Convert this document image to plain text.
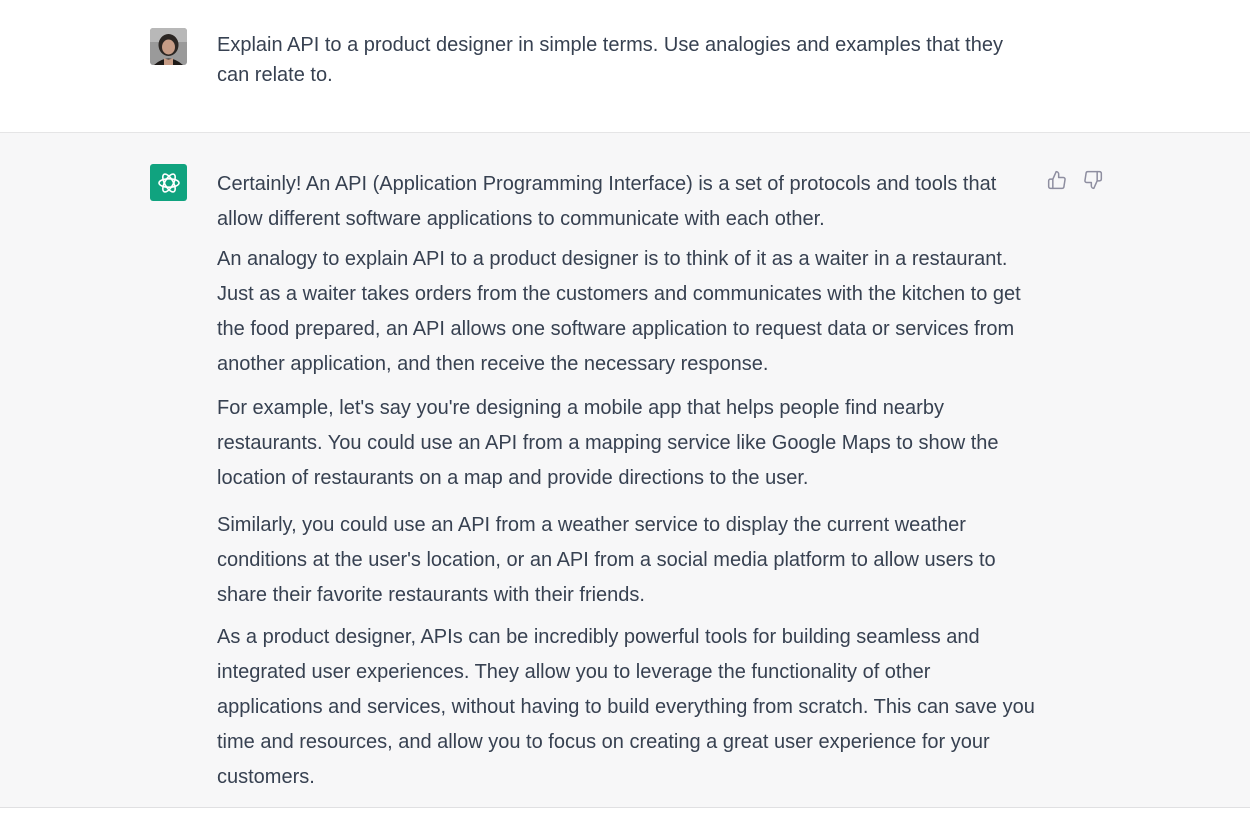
Explain API to a product designer in simple terms. Use analogies and examples that they can relate to.

Certainly! An API (Application Programming Interface) is a set of protocols and tools that allow different software applications to communicate with each other.

An analogy to explain API to a product designer is to think of it as a waiter in a restaurant. Just as a waiter takes orders from the customers and communicates with the kitchen to get the food prepared, an API allows one software application to request data or services from another application, and then receive the necessary response.

For example, let's say you're designing a mobile app that helps people find nearby restaurants. You could use an API from a mapping service like Google Maps to show the location of restaurants on a map and provide directions to the user.

Similarly, you could use an API from a weather service to display the current weather conditions at the user's location, or an API from a social media platform to allow users to share their favorite restaurants with their friends.

As a product designer, APIs can be incredibly powerful tools for building seamless and integrated user experiences. They allow you to leverage the functionality of other applications and services, without having to build everything from scratch. This can save you time and resources, and allow you to focus on creating a great user experience for your customers.
